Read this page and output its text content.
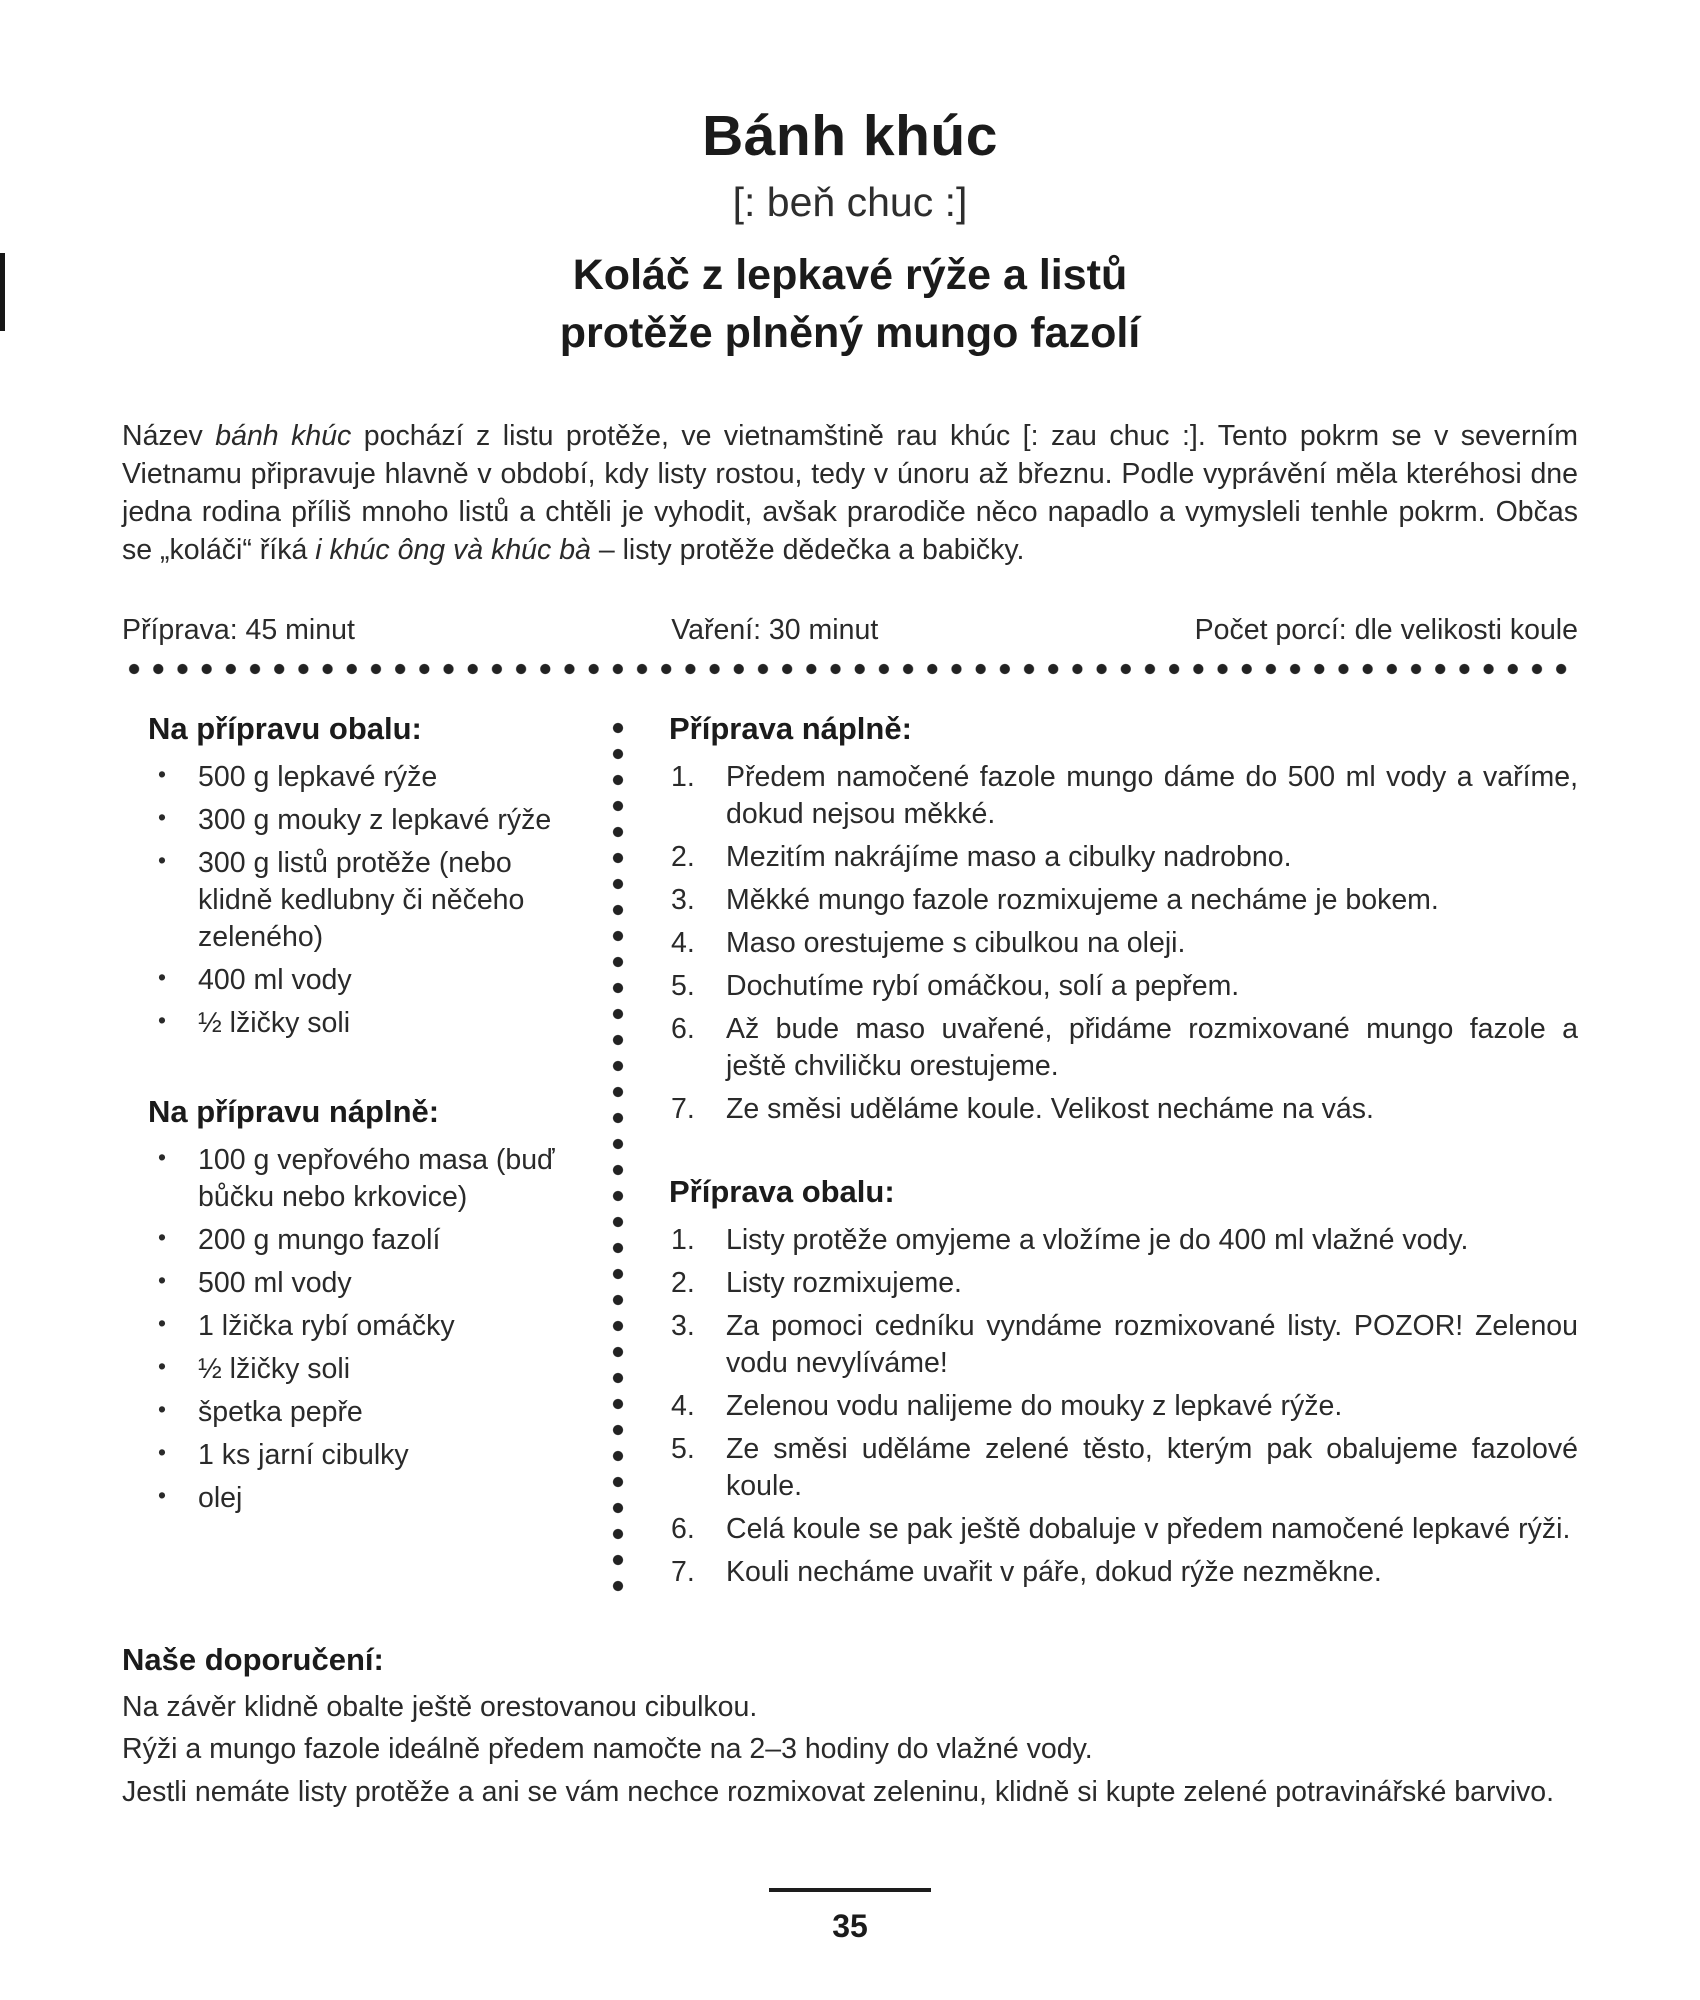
Bánh khúc
[: beň chuc :]
Koláč z lepkavé rýže a listů
protěže plněný mungo fazolí

Název bánh khúc pochází z listu protěže, ve vietnamštině rau khúc [: zau chuc :]. Tento pokrm se v severním Vietnamu připravuje hlavně v období, kdy listy rostou, tedy v únoru až březnu. Podle vyprávění měla kteréhosi dne jedna rodina příliš mnoho listů a chtěli je vyhodit, avšak prarodiče něco napadlo a vymysleli tenhle pokrm. Občas se „koláči“ říká i khúc ông và khúc bà – listy protěže dědečka a babičky.

Příprava: 45 minut	Vaření: 30 minut	Počet porcí: dle velikosti koule
Na přípravu obalu:
• 500 g lepkavé rýže
• 300 g mouky z lepkavé rýže
• 300 g listů protěže (nebo klidně kedlubny či něčeho zeleného)
• 400 ml vody
• ½ lžičky soli
Na přípravu náplně:
• 100 g vepřového masa (buď bůčku nebo krkovice)
• 200 g mungo fazolí
• 500 ml vody
• 1 lžička rybí omáčky
• ½ lžičky soli
• špetka pepře
• 1 ks jarní cibulky
• olej
Příprava náplně:
Předem namočené fazole mungo dáme do 500 ml vody a vaříme, dokud nejsou měkké.
Mezitím nakrájíme maso a cibulky nadrobno.
Měkké mungo fazole rozmixujeme a necháme je bokem.
Maso orestujeme s cibulkou na oleji.
Dochutíme rybí omáčkou, solí a pepřem.
Až bude maso uvařené, přidáme rozmixované mungo fazole a ještě chviličku orestujeme.
Ze směsi uděláme koule. Velikost necháme na vás.
Příprava obalu:
Listy protěže omyjeme a vložíme je do 400 ml vlažné vody.
Listy rozmixujeme.
Za pomoci cedníku vyndáme rozmixované listy. POZOR! Zelenou vodu nevylíváme!
Zelenou vodu nalijeme do mouky z lepkavé rýže.
Ze směsi uděláme zelené těsto, kterým pak obalujeme fazolové koule.
Celá koule se pak ještě dobaluje v předem namočené lepkavé rýži.
Kouli necháme uvařit v páře, dokud rýže nezměkne.
Naše doporučení:

Na závěr klidně obalte ještě orestovanou cibulkou.

Rýži a mungo fazole ideálně předem namočte na 2–3 hodiny do vlažné vody.

Jestli nemáte listy protěže a ani se vám nechce rozmixovat zeleninu, klidně si kupte zelené potravinářské barvivo.

35
